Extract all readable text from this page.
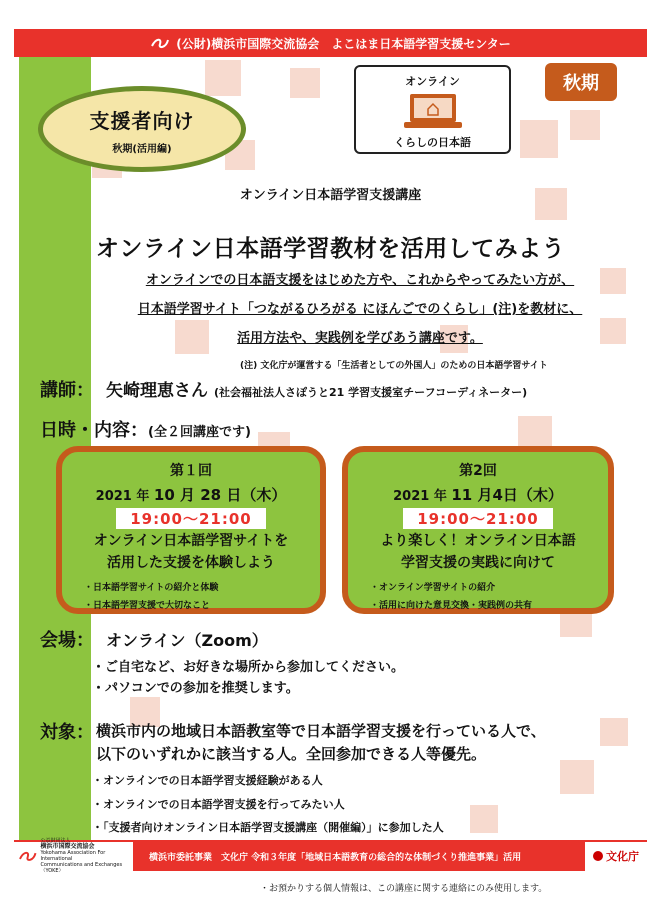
(公財)横浜市国際交流協会　よこはま日本語学習支援センター
支援者向け
秋期(活用編)
オンライン
くらしの日本語
秋期
オンライン日本語学習支援講座
オンライン日本語学習教材を活用してみよう
オンラインでの日本語支援をはじめた方や、これからやってみたい方が、
日本語学習サイト「つながるひろがる にほんごでのくらし」(注)を教材に、
活用方法や、実践例を学びあう講座です。
(注) 文化庁が運営する「生活者としての外国人」のための日本語学習サイト
講師： 矢崎理恵さん (社会福祉法人さぽうと21 学習支援室チーフコーディネーター)
日時・内容： (全２回講座です)
第１回
2021 年 10 月 28 日（木）
19:00～21:00
オンライン日本語学習サイトを
活用した支援を体験しよう
・日本語学習サイトの紹介と体験
・日本語学習支援で大切なこと
第2回
2021 年 11 月4日（木）
19:00～21:00
より楽しく！オンライン日本語
学習支援の実践に向けて
・オンライン学習サイトの紹介
・活用に向けた意見交換・実践例の共有
会場： オンライン（Zoom）
・ご自宅など、お好きな場所から参加してください。
・パソコンでの参加を推奨します。
対象： 横浜市内の地域日本語教室等で日本語学習支援を行っている人で、
以下のいずれかに該当する人。全回参加できる人等優先。
・オンラインでの日本語学習支援経験がある人
・オンラインでの日本語学習支援を行ってみたい人
・「支援者向けオンライン日本語学習支援講座（開催編）」に参加した人
公益財団法人
横浜市国際交流協会
Yokohama Association For International
Communications and Exchanges（YOKE）
横浜市委託事業　文化庁 令和３年度「地域日本語教育の総合的な体制づくり推進事業」活用	文化庁
・お預かりする個人情報は、この講座に関する連絡にのみ使用します。
